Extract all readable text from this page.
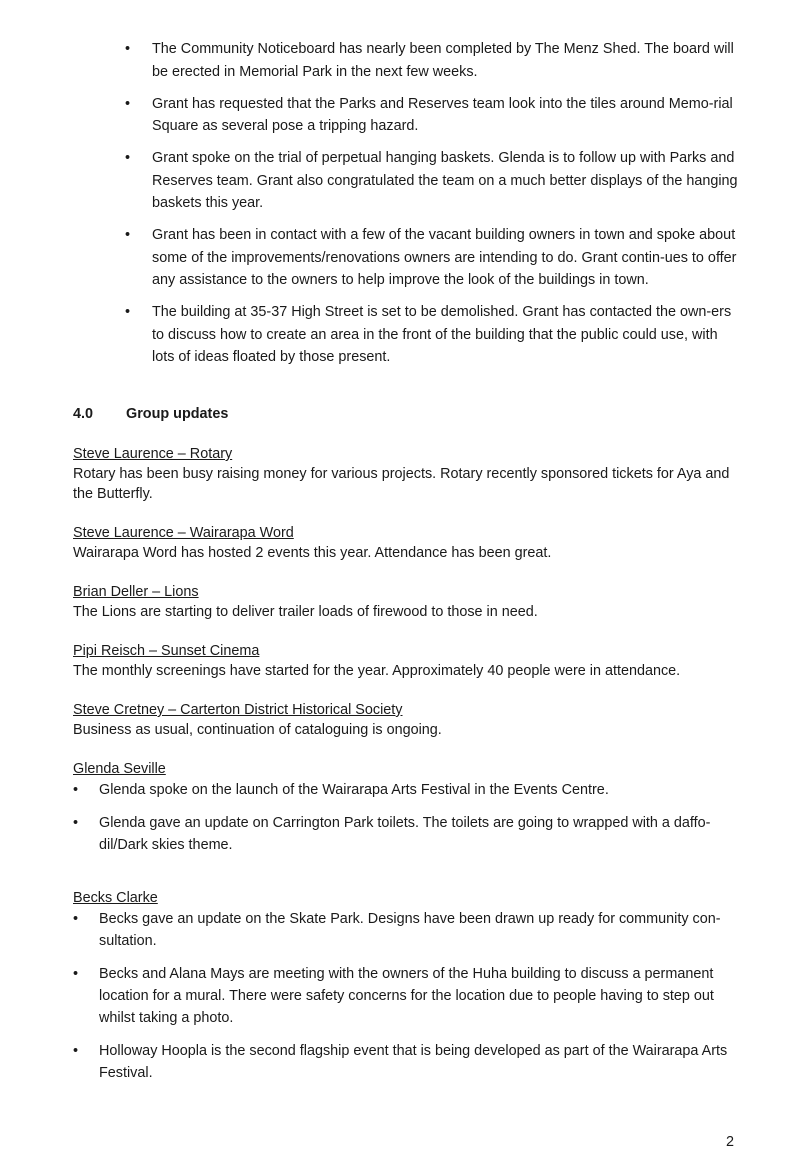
• The Community Noticeboard has nearly been completed by The Menz Shed. The board will be erected in Memorial Park in the next few weeks.
• Grant has requested that the Parks and Reserves team look into the tiles around Memo-rial Square as several pose a tripping hazard.
• Grant spoke on the trial of perpetual hanging baskets. Glenda is to follow up with Parks and Reserves team. Grant also congratulated the team on a much better displays of the hanging baskets this year.
• Grant has been in contact with a few of the vacant building owners in town and spoke about some of the improvements/renovations owners are intending to do. Grant contin-ues to offer any assistance to the owners to help improve the look of the buildings in town.
• The building at 35-37 High Street is set to be demolished. Grant has contacted the own-ers to discuss how to create an area in the front of the building that the public could use, with lots of ideas floated by those present.
4.0 Group updates
Steve Laurence – Rotary
Rotary has been busy raising money for various projects. Rotary recently sponsored tickets for Aya and the Butterfly.
Steve Laurence – Wairarapa Word
Wairarapa Word has hosted 2 events this year. Attendance has been great.
Brian Deller – Lions
The Lions are starting to deliver trailer loads of firewood to those in need.
Pipi Reisch – Sunset Cinema
The monthly screenings have started for the year. Approximately 40 people were in attendance.
Steve Cretney – Carterton District Historical Society
Business as usual, continuation of cataloguing is ongoing.
Glenda Seville
• Glenda spoke on the launch of the Wairarapa Arts Festival in the Events Centre.
• Glenda gave an update on Carrington Park toilets. The toilets are going to wrapped with a daffo-dil/Dark skies theme.
Becks Clarke
• Becks gave an update on the Skate Park. Designs have been drawn up ready for community con-sultation.
• Becks and Alana Mays are meeting with the owners of the Huha building to discuss a permanent location for a mural. There were safety concerns for the location due to people having to step out whilst taking a photo.
• Holloway Hoopla is the second flagship event that is being developed as part of the Wairarapa Arts Festival.
2
